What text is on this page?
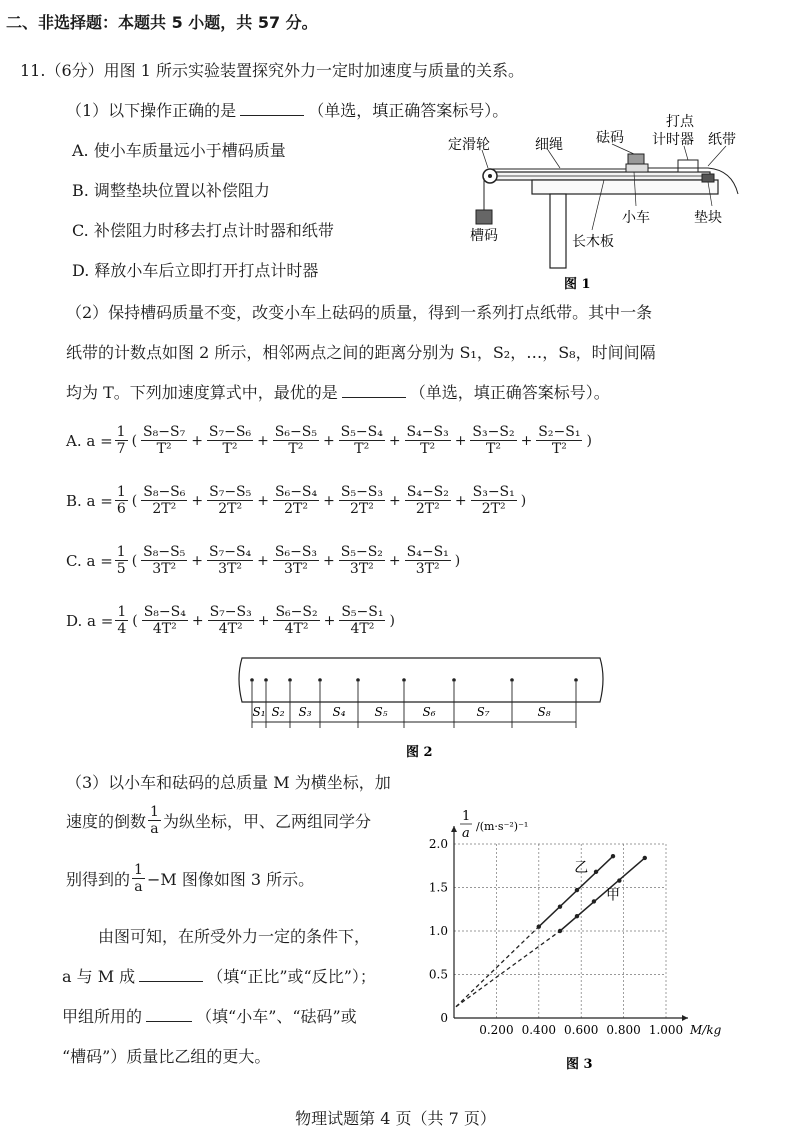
二、非选择题：本题共 5 小题，共 57 分。
11.（6分）用图 1 所示实验装置探究外力一定时加速度与质量的关系。
（1）以下操作正确的是	（单选，填正确答案标号）。
A. 使小车质量远小于槽码质量
B. 调整垫块位置以补偿阻力
C. 补偿阻力时移去打点计时器和纸带
D. 释放小车后立即打开打点计时器
定滑轮	细绳 砝码
打点
计时器 纸带
槽码	长木板
小车	垫块
图 1
（2）保持槽码质量不变，改变小车上砝码的质量，得到一系列打点纸带。其中一条
纸带的计数点如图 2 所示，相邻两点之间的距离分别为 S₁，S₂，…，S₈，时间间隔
均为 T。下列加速度算式中，最优的是	（单选，填正确答案标号）。
A. $a = \frac{1}{7}$ ( $\frac{\text{S₈−S₇}}{\text{T²}} + \frac{\text{S₇−S₆}}{\text{T²}} + \frac{\text{S₆−S₅}}{\text{T²}} + \frac{\text{S₅−S₄}}{\text{T²}} + \frac{\text{S₄−S₃}}{\text{T²}} + \frac{\text{S₃−S₂}}{\text{T²}} + \frac{\text{S₂−S₁}}{\text{T²}}$ )
B. $a = \frac{1}{6}$ ( $\frac{\text{S₈−S₆}}{\text{2T²}} + \frac{\text{S₇−S₅}}{\text{2T²}} + \frac{\text{S₆−S₄}}{\text{2T²}} + \frac{\text{S₅−S₃}}{\text{2T²}} + \frac{\text{S₄−S₂}}{\text{2T²}} + \frac{\text{S₃−S₁}}{\text{2T²}}$ )
C. $a = \frac{1}{5}$ ( $\frac{\text{S₈−S₅}}{\text{3T²}} + \frac{\text{S₇−S₄}}{\text{3T²}} + \frac{\text{S₆−S₃}}{\text{3T²}} + \frac{\text{S₅−S₂}}{\text{3T²}} + \frac{\text{S₄−S₁}}{\text{3T²}}$ )
D. $a = \frac{1}{4}$ ( $\frac{\text{S₈−S₄}}{\text{4T²}} + \frac{\text{S₇−S₃}}{\text{4T²}} + \frac{\text{S₆−S₂}}{\text{4T²}} + \frac{\text{S₅−S₁}}{\text{4T²}}$ )
S₁ S₂ S₃ S₄ S₅	S₆	S₇	S₈
图 2
（3）以小车和砝码的总质量 M 为横坐标，加
速度的倒数 $\frac{1}{a}$ 为纵坐标，甲、乙两组同学分
别得到的 $\frac{1}{a} -M$ 图像如图 3 所示。
由图可知，在所受外力一定的条件下，
a 与 M 成	（填“正比”或“反比”）；
甲组所用的	（填“小车”、“砝码”或
“槽码”）质量比乙组的更大。
0.200 0.400 0.600 0.800 1.000
0
0.5
1.0
1.5
2.0
乙
甲
1
a /(m·s⁻²)⁻¹
M/kg
图 3
物理试题第 4 页（共 7 页）
